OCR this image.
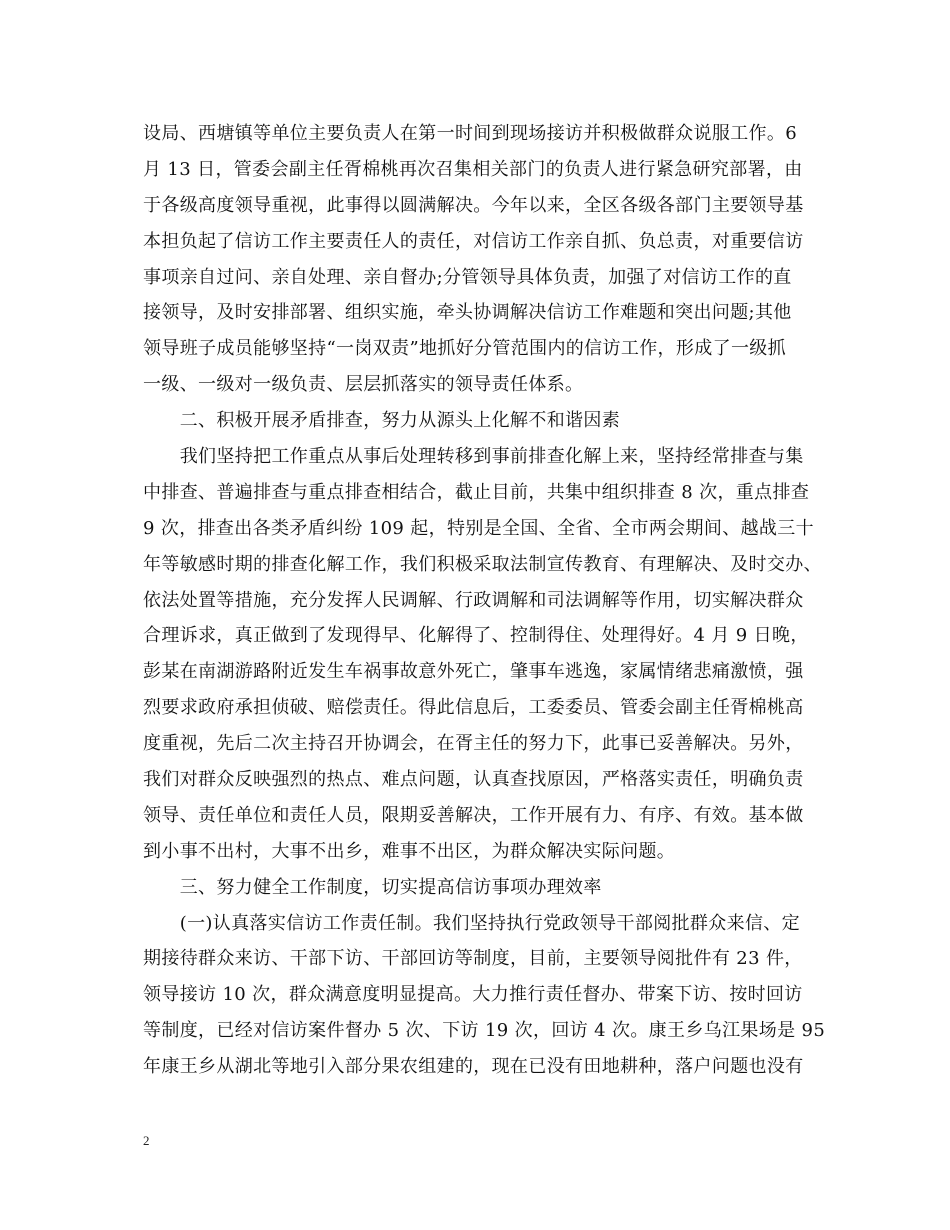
设局、西塘镇等单位主要负责人在第一时间到现场接访并积极做群众说服工作。6
月 13 日，管委会副主任胥棉桃再次召集相关部门的负责人进行紧急研究部署，由
于各级高度领导重视，此事得以圆满解决。今年以来，全区各级各部门主要领导基
本担负起了信访工作主要责任人的责任，对信访工作亲自抓、负总责，对重要信访
事项亲自过问、亲自处理、亲自督办;分管领导具体负责，加强了对信访工作的直
接领导，及时安排部署、组织实施，牵头协调解决信访工作难题和突出问题;其他
领导班子成员能够坚持“一岗双责”地抓好分管范围内的信访工作，形成了一级抓
一级、一级对一级负责、层层抓落实的领导责任体系。
　　二、积极开展矛盾排查，努力从源头上化解不和谐因素
　　我们坚持把工作重点从事后处理转移到事前排查化解上来，坚持经常排查与集
中排查、普遍排查与重点排查相结合，截止目前，共集中组织排查 8 次，重点排查
9 次，排查出各类矛盾纠纷 109 起，特别是全国、全省、全市两会期间、越战三十
年等敏感时期的排查化解工作，我们积极采取法制宣传教育、有理解决、及时交办、
依法处置等措施，充分发挥人民调解、行政调解和司法调解等作用，切实解决群众
合理诉求，真正做到了发现得早、化解得了、控制得住、处理得好。4 月 9 日晚，
彭某在南湖游路附近发生车祸事故意外死亡，肇事车逃逸，家属情绪悲痛激愤，强
烈要求政府承担侦破、赔偿责任。得此信息后，工委委员、管委会副主任胥棉桃高
度重视，先后二次主持召开协调会，在胥主任的努力下，此事已妥善解决。另外，
我们对群众反映强烈的热点、难点问题，认真查找原因，严格落实责任，明确负责
领导、责任单位和责任人员，限期妥善解决，工作开展有力、有序、有效。基本做
到小事不出村，大事不出乡，难事不出区，为群众解决实际问题。
　　三、努力健全工作制度，切实提高信访事项办理效率
　　(一)认真落实信访工作责任制。我们坚持执行党政领导干部阅批群众来信、定
期接待群众来访、干部下访、干部回访等制度，目前，主要领导阅批件有 23 件，
领导接访 10 次，群众满意度明显提高。大力推行责任督办、带案下访、按时回访
等制度，已经对信访案件督办 5 次、下访 19 次，回访 4 次。康王乡乌江果场是 95
年康王乡从湖北等地引入部分果农组建的，现在已没有田地耕种，落户问题也没有
2
